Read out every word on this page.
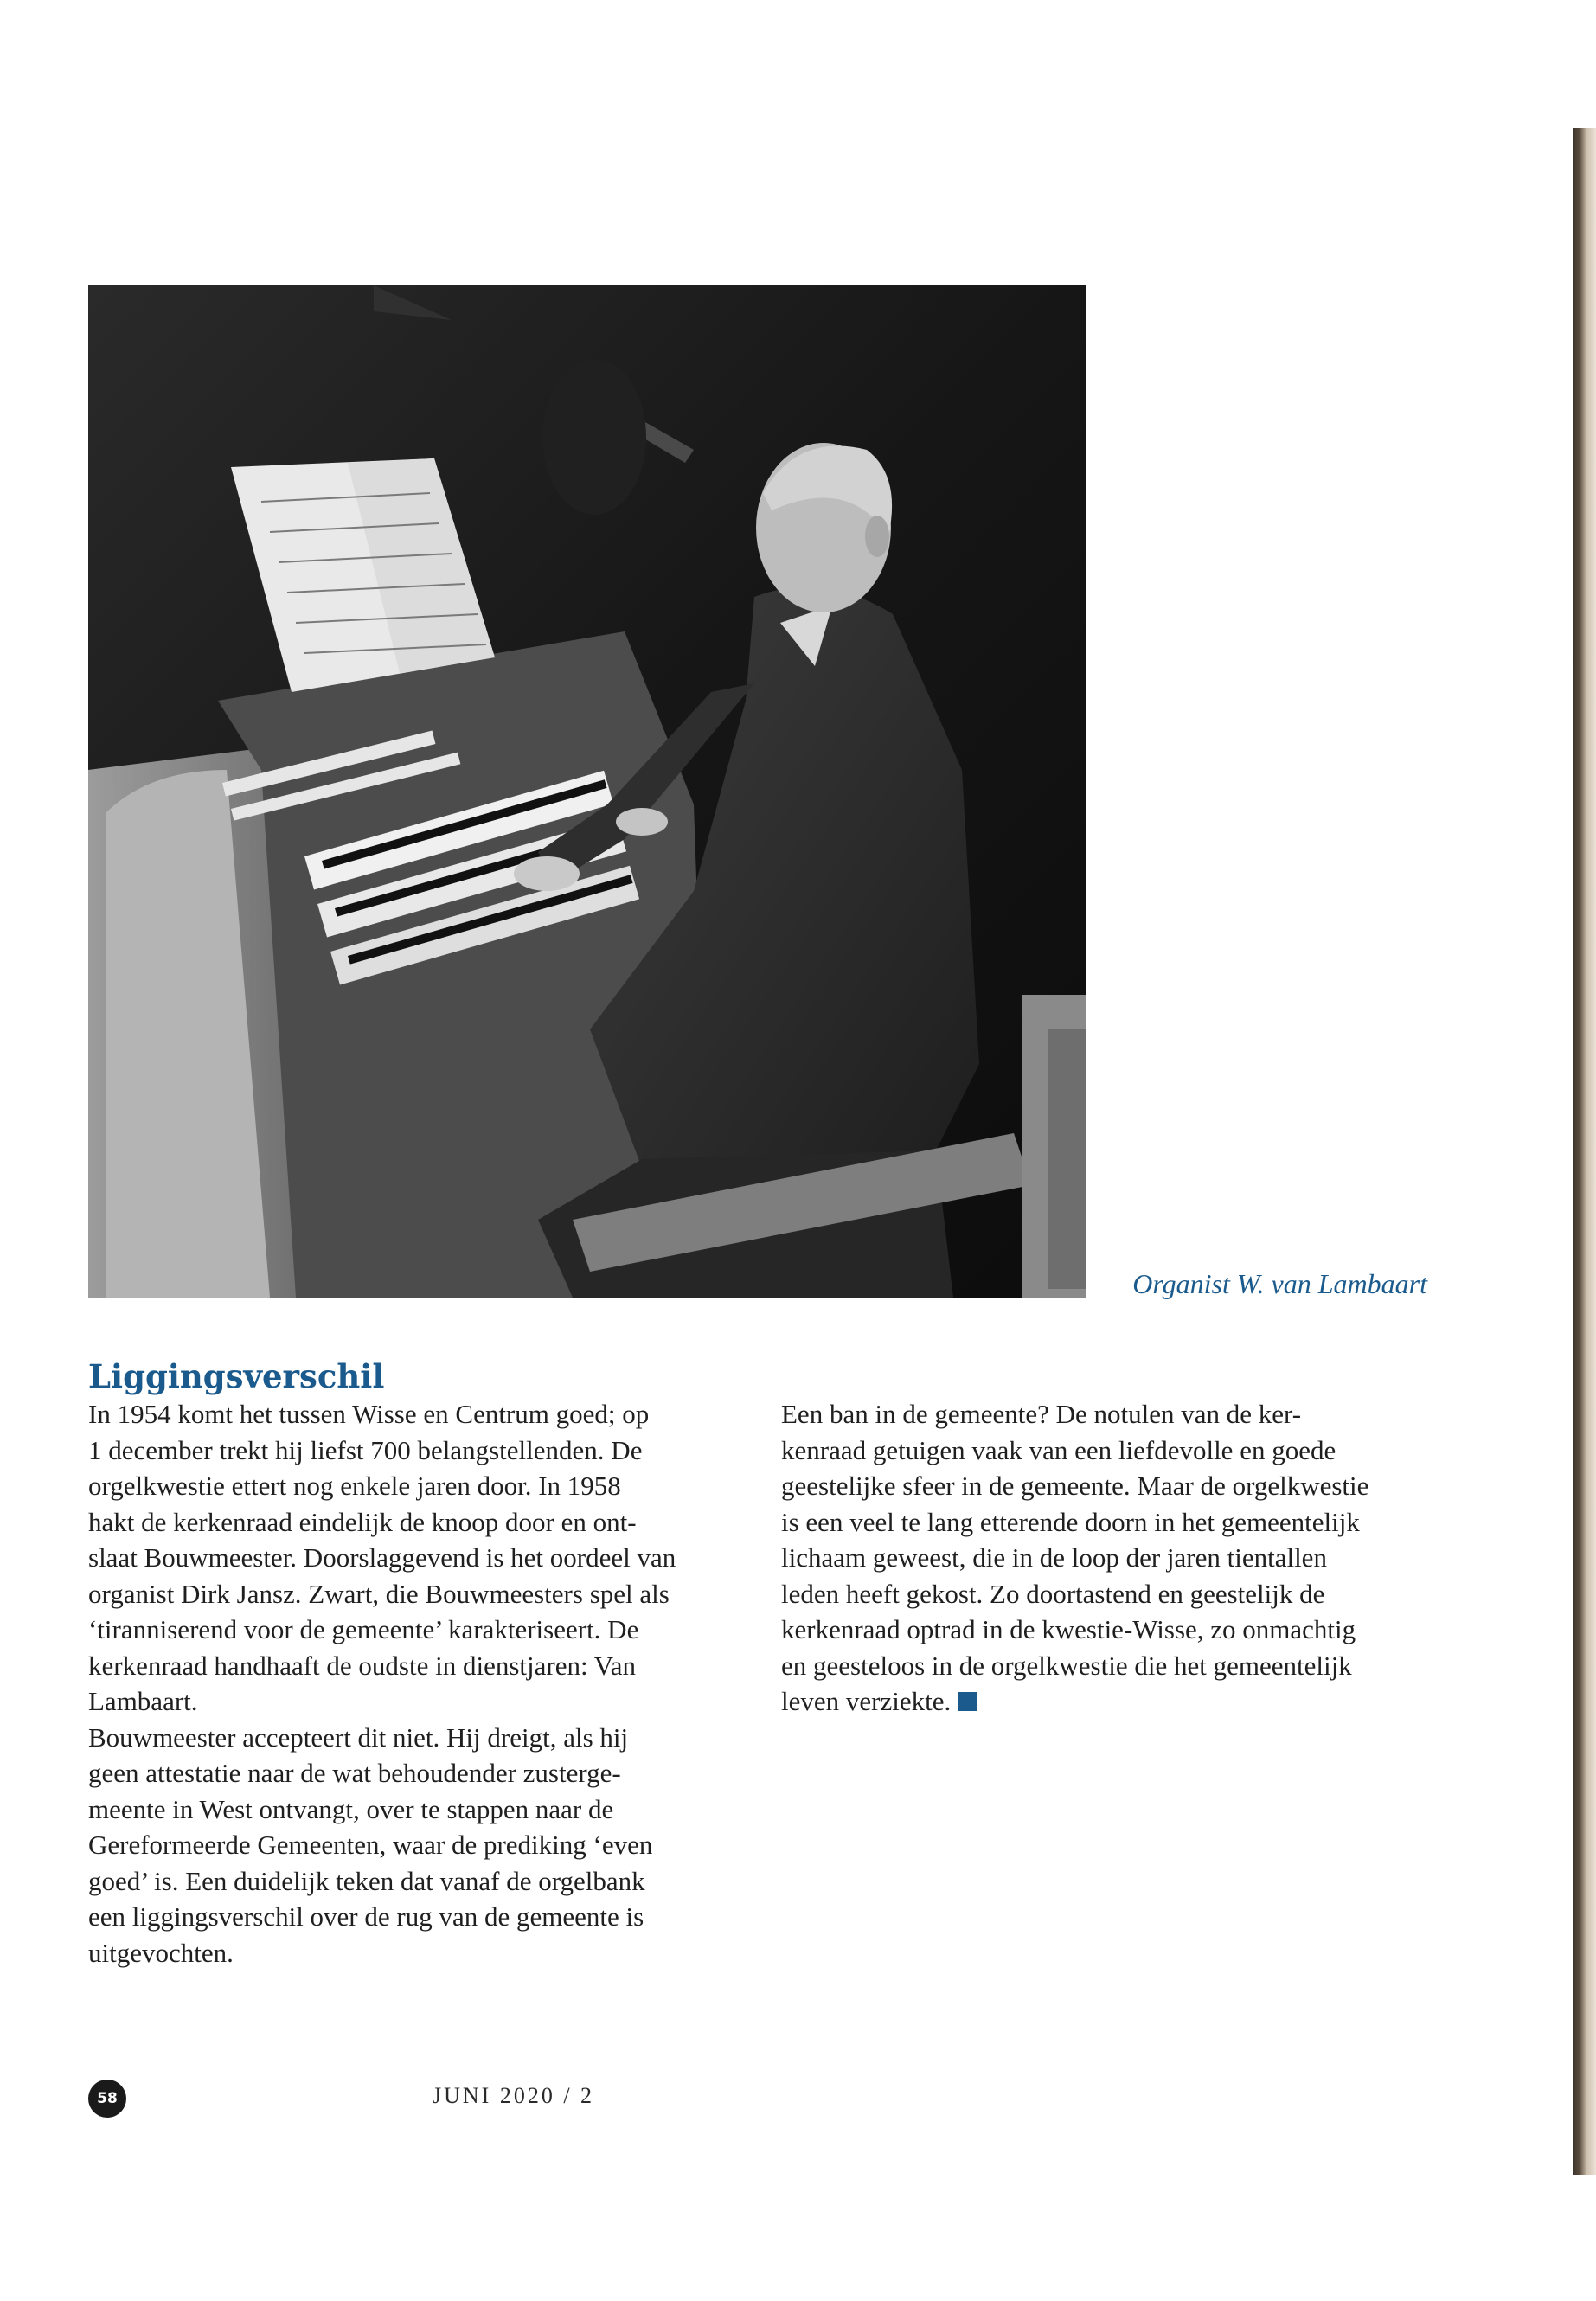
Organist W. van Lambaart
Liggingsverschil

In 1954 komt het tussen Wisse en Centrum goed; op
1 december trekt hij liefst 700 belangstellenden. De
orgelkwestie ettert nog enkele jaren door. In 1958
hakt de kerkenraad eindelijk de knoop door en ont-
slaat Bouwmeester. Doorslaggevend is het oordeel van
organist Dirk Jansz. Zwart, die Bouwmeesters spel als
‘tiranniserend voor de gemeente’ karakteriseert. De
kerkenraad handhaaft de oudste in dienstjaren: Van
Lambaart.

Bouwmeester accepteert dit niet. Hij dreigt, als hij
geen attestatie naar de wat behoudender zusterge-
meente in West ontvangt, over te stappen naar de
Gereformeerde Gemeenten, waar de prediking ‘even
goed’ is. Een duidelijk teken dat vanaf de orgelbank
een liggingsverschil over de rug van de gemeente is
uitgevochten.

Een ban in de gemeente? De notulen van de ker-
kenraad getuigen vaak van een liefdevolle en goede
geestelijke sfeer in de gemeente. Maar de orgelkwestie
is een veel te lang etterende doorn in het gemeentelijk
lichaam geweest, die in de loop der jaren tientallen
leden heeft gekost. Zo doortastend en geestelijk de
kerkenraad optrad in de kwestie-Wisse, zo onmachtig
en geesteloos in de orgelkwestie die het gemeentelijk
leven verziekte.

58	JUNI 2020 / 2
